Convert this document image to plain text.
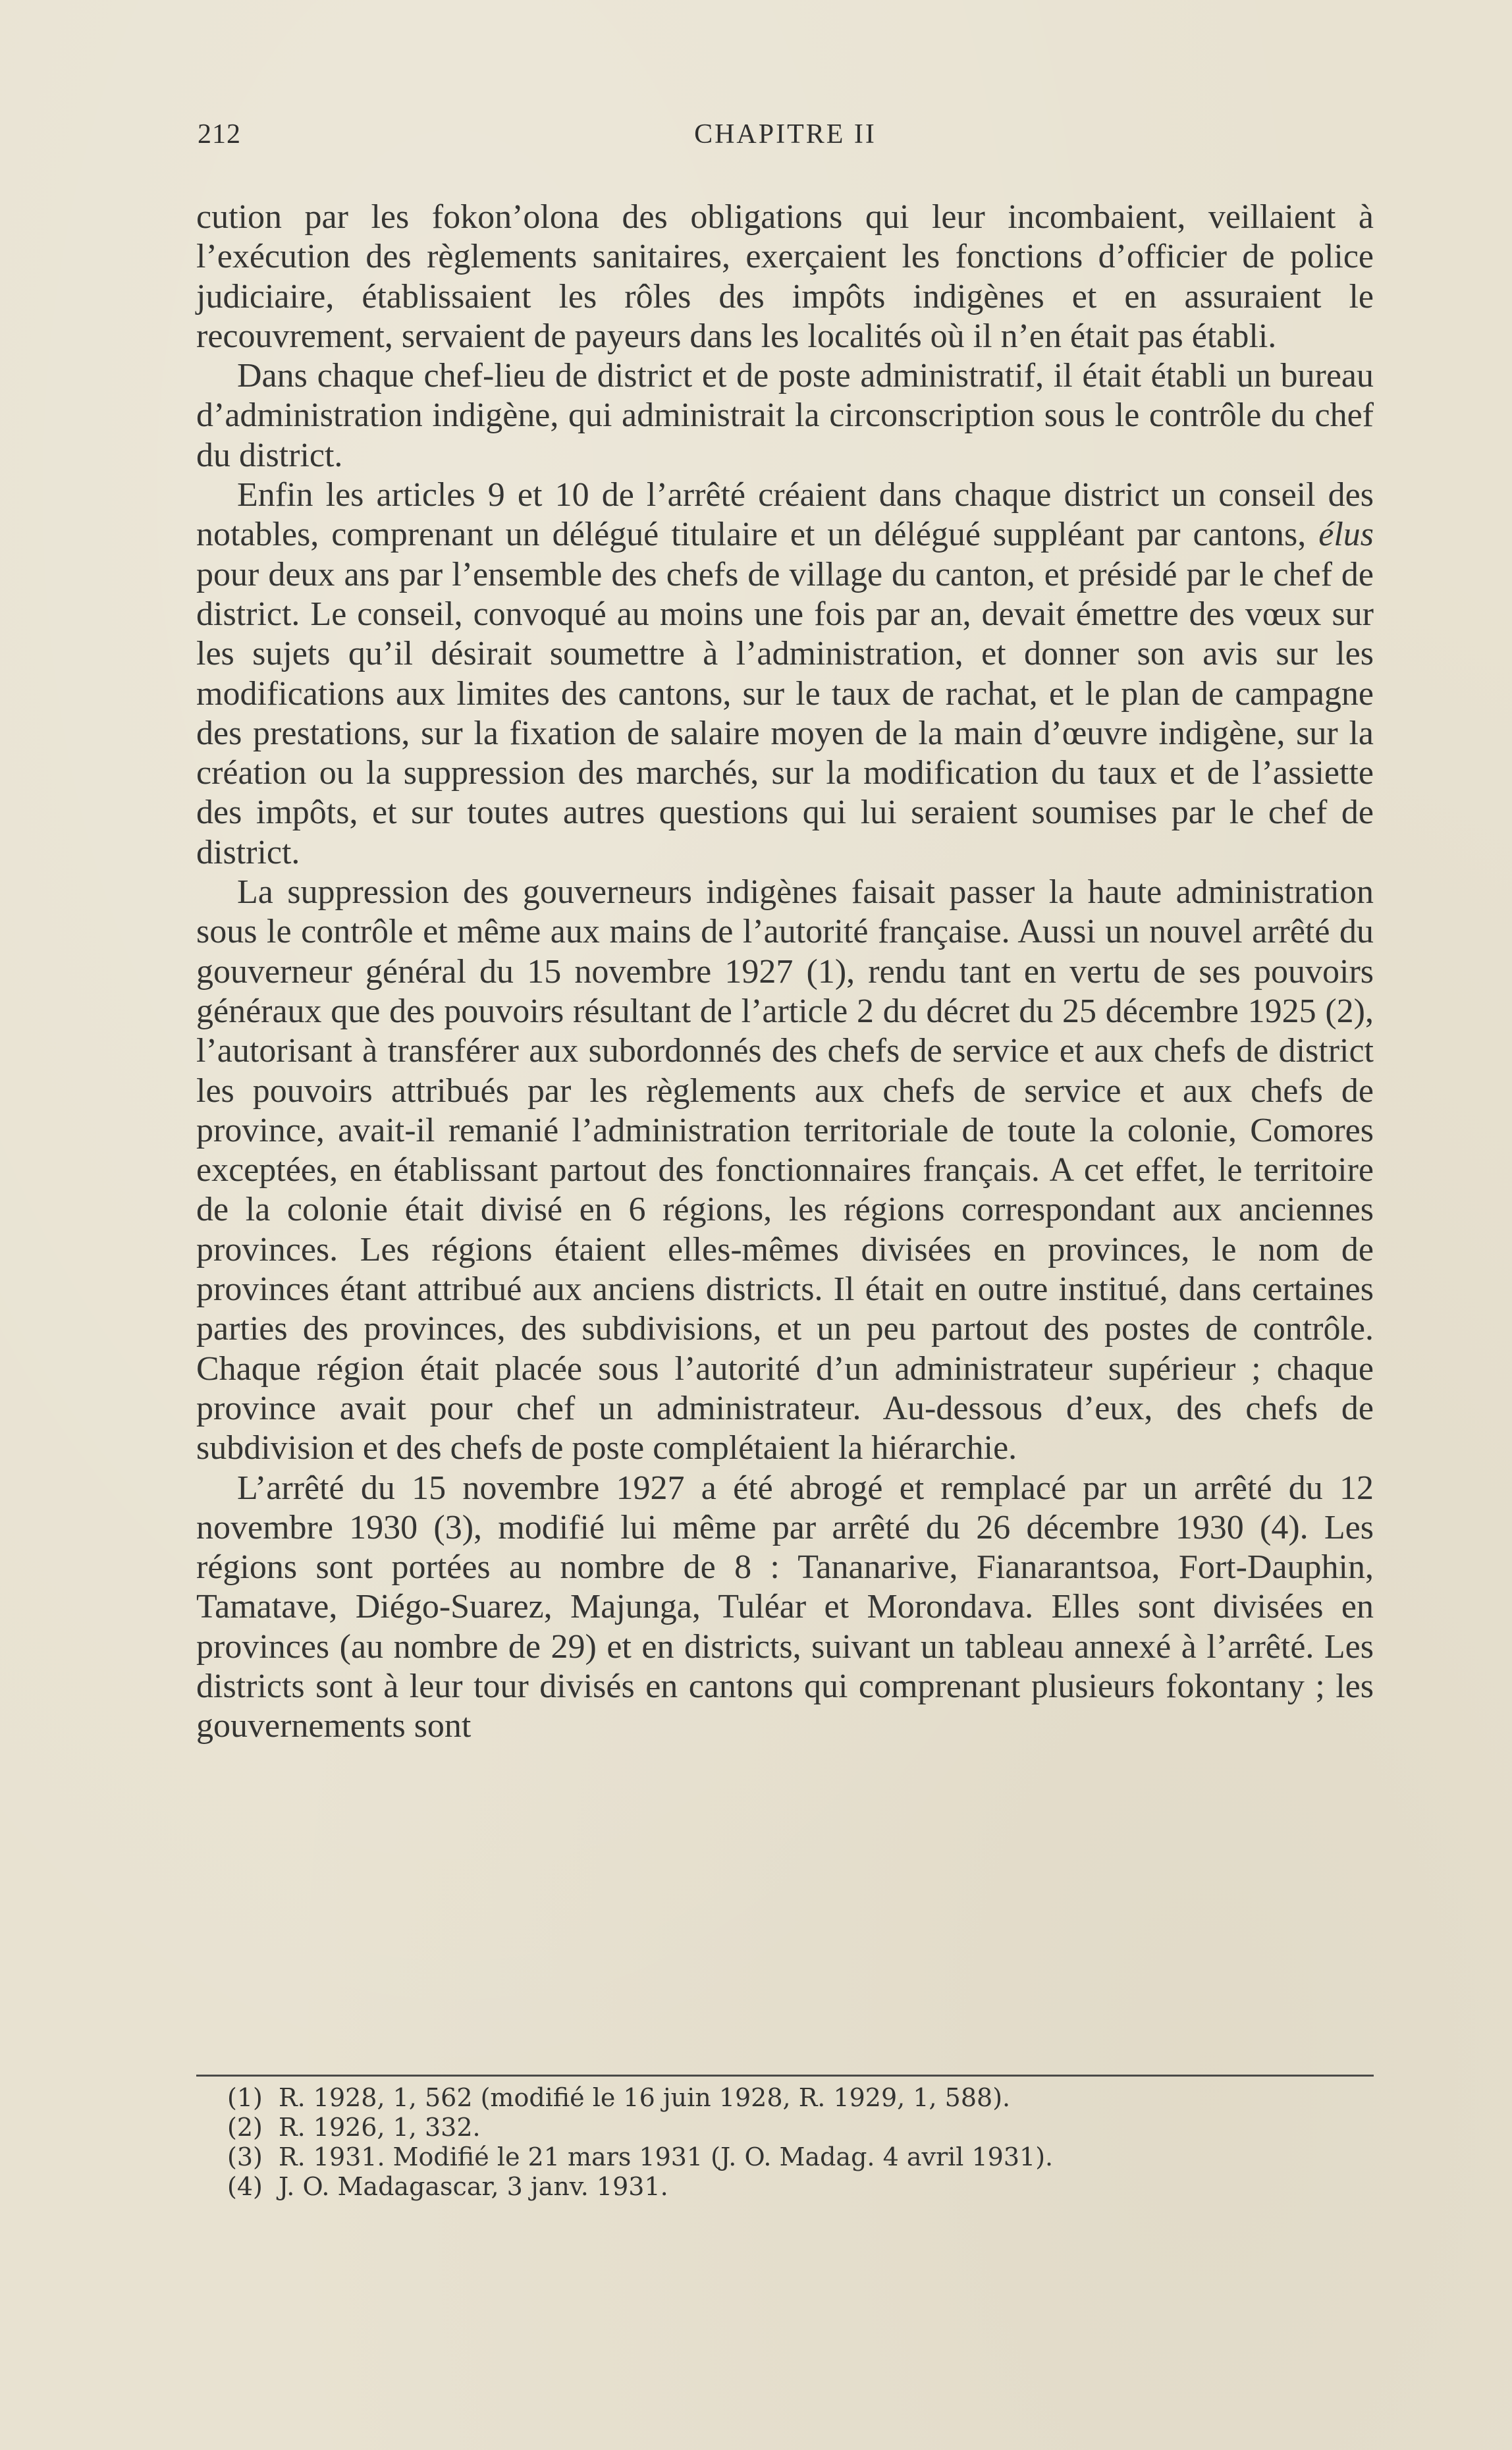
212	CHAPITRE II

cution par les fokon’olona des obligations qui leur incombaient, veillaient à l’exécution des règlements sanitaires, exerçaient les fonctions d’officier de police judiciaire, établissaient les rôles des impôts indigènes et en assuraient le recouvrement, servaient de payeurs dans les localités où il n’en était pas établi.

Dans chaque chef-lieu de district et de poste administratif, il était établi un bureau d’administration indigène, qui administrait la circonscription sous le contrôle du chef du district.

Enfin les articles 9 et 10 de l’arrêté créaient dans chaque district un conseil des notables, comprenant un délégué titulaire et un délégué suppléant par cantons, élus pour deux ans par l’ensemble des chefs de village du canton, et présidé par le chef de district. Le conseil, convoqué au moins une fois par an, devait émettre des vœux sur les sujets qu’il désirait soumettre à l’administration, et donner son avis sur les modifications aux limites des cantons, sur le taux de rachat, et le plan de campagne des prestations, sur la fixation de salaire moyen de la main d’œuvre indigène, sur la création ou la suppression des marchés, sur la modification du taux et de l’assiette des impôts, et sur toutes autres questions qui lui seraient soumises par le chef de district.

La suppression des gouverneurs indigènes faisait passer la haute administration sous le contrôle et même aux mains de l’autorité française. Aussi un nouvel arrêté du gouverneur général du 15 novembre 1927 (1), rendu tant en vertu de ses pouvoirs généraux que des pouvoirs résultant de l’article 2 du décret du 25 décembre 1925 (2), l’autorisant à transférer aux subordonnés des chefs de service et aux chefs de district les pouvoirs attribués par les règlements aux chefs de service et aux chefs de province, avait-il remanié l’administration territoriale de toute la colonie, Comores exceptées, en établissant partout des fonctionnaires français. A cet effet, le territoire de la colonie était divisé en 6 régions, les régions correspondant aux anciennes provinces. Les régions étaient elles-mêmes divisées en provinces, le nom de provinces étant attribué aux anciens districts. Il était en outre institué, dans certaines parties des provinces, des subdivisions, et un peu partout des postes de contrôle. Chaque région était placée sous l’autorité d’un administrateur supérieur ; chaque province avait pour chef un administrateur. Au-dessous d’eux, des chefs de subdivision et des chefs de poste complétaient la hiérarchie.

L’arrêté du 15 novembre 1927 a été abrogé et remplacé par un arrêté du 12 novembre 1930 (3), modifié lui même par arrêté du 26 décembre 1930 (4). Les régions sont portées au nombre de 8 : Tananarive, Fianarantsoa, Fort-Dauphin, Tamatave, Diégo-Suarez, Majunga, Tuléar et Morondava. Elles sont divisées en provinces (au nombre de 29) et en districts, suivant un tableau annexé à l’arrêté. Les districts sont à leur tour divisés en cantons qui comprenant plusieurs fokontany ; les gouvernements sont

(1) R. 1928, 1, 562 (modifié le 16 juin 1928, R. 1929, 1, 588).

(2) R. 1926, 1, 332.

(3) R. 1931. Modifié le 21 mars 1931 (J. O. Madag. 4 avril 1931).

(4) J. O. Madagascar, 3 janv. 1931.
